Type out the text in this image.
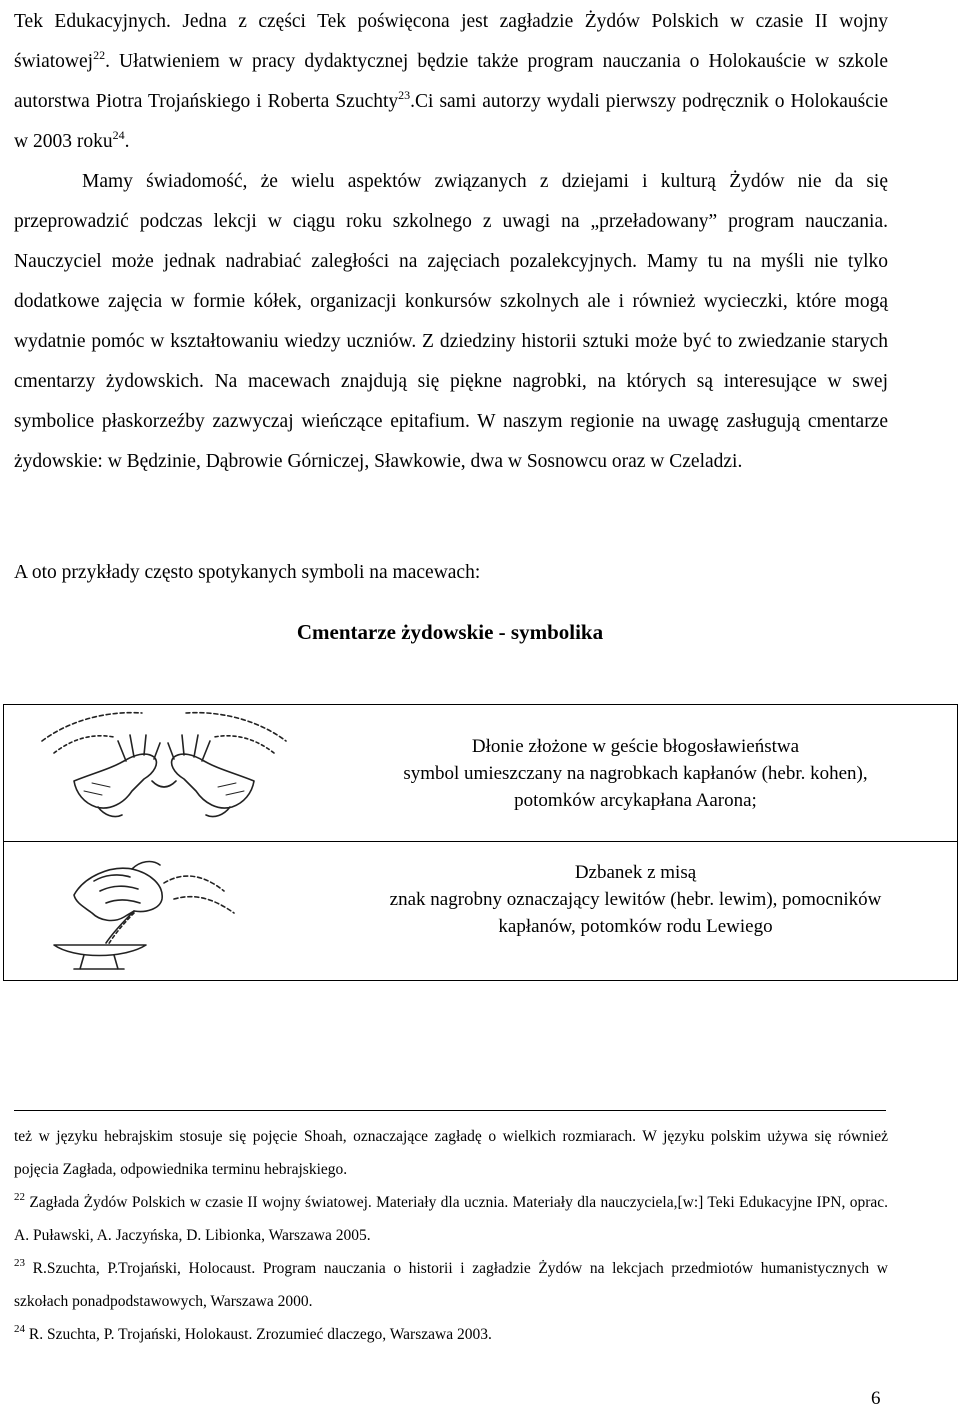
Tek Edukacyjnych. Jedna z części Tek poświęcona jest zagładzie Żydów Polskich w czasie II wojny światowej$^{22}$. Ułatwieniem w pracy dydaktycznej będzie także program nauczania o Holokauście w szkole autorstwa Piotra Trojańskiego i Roberta Szuchty$^{23}$.Ci sami autorzy wydali pierwszy podręcznik o Holokauście w 2003 roku$^{24}$.

Mamy świadomość, że wielu aspektów związanych z dziejami i kulturą Żydów nie da się przeprowadzić podczas lekcji w ciągu roku szkolnego z uwagi na „przeładowany” program nauczania. Nauczyciel może jednak nadrabiać zaległości na zajęciach pozalekcyjnych. Mamy tu na myśli nie tylko dodatkowe zajęcia w formie kółek, organizacji konkursów szkolnych ale i również wycieczki, które mogą wydatnie pomóc w kształtowaniu wiedzy uczniów. Z dziedziny historii sztuki może być to zwiedzanie starych cmentarzy żydowskich. Na macewach znajdują się piękne nagrobki, na których są interesujące w swej symbolice płaskorzeźby zazwyczaj wieńczące epitafium. W naszym regionie na uwagę zasługują cmentarze żydowskie: w Będzinie, Dąbrowie Górniczej, Sławkowie, dwa w Sosnowcu oraz w Czeladzi.

A oto przykłady często spotykanych symboli na macewach:
Cmentarze żydowskie - symbolika
Dłonie złożone w geście błogosławieństwa
symbol umieszczany na nagrobkach kapłanów (hebr. kohen),
potomków arcykapłana Aarona;
Dzbanek z misą
znak nagrobny oznaczający lewitów (hebr. lewim), pomocników
kapłanów, potomków rodu Lewiego

też w języku hebrajskim stosuje się pojęcie Shoah, oznaczające zagładę o wielkich rozmiarach. W języku polskim używa się również pojęcia Zagłada, odpowiednika terminu hebrajskiego.

$^{22}$ Zagłada Żydów Polskich w czasie II wojny światowej. Materiały dla ucznia. Materiały dla nauczyciela,[w:] Teki Edukacyjne IPN, oprac. A. Puławski, A. Jaczyńska, D. Libionka, Warszawa 2005.

$^{23}$ R.Szuchta, P.Trojański, Holocaust. Program nauczania o historii i zagładzie Żydów na lekcjach przedmiotów humanistycznych w szkołach ponadpodstawowych, Warszawa 2000.

$^{24}$ R. Szuchta, P. Trojański, Holokaust. Zrozumieć dlaczego, Warszawa 2003.

6
